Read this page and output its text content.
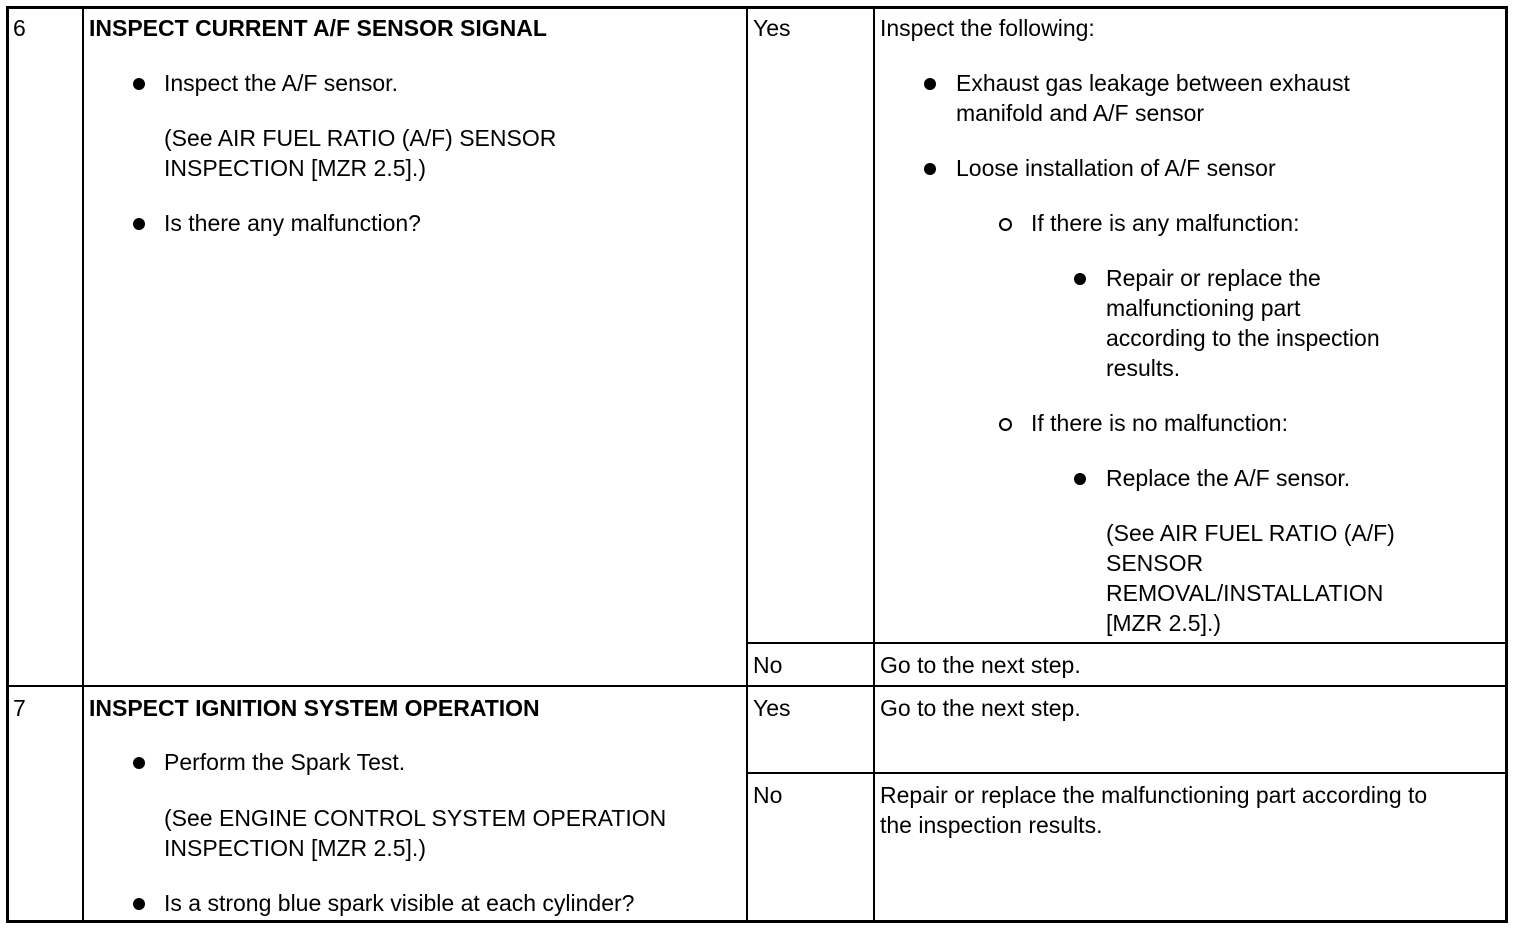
6	INSPECT CURRENT A/F SENSOR SIGNAL
Inspect the A/F sensor.
(See AIR FUEL RATIO (A/F) SENSOR
INSPECTION [MZR 2.5].)
Is there any malfunction?
Yes	Inspect the following:
Exhaust gas leakage between exhaust
manifold and A/F sensor
Loose installation of A/F sensor
If there is any malfunction:
Repair or replace the
malfunctioning part
according to the inspection
results.
If there is no malfunction:
Replace the A/F sensor.
(See AIR FUEL RATIO (A/F)
SENSOR
REMOVAL/INSTALLATION
[MZR 2.5].)
No	Go to the next step.
7	INSPECT IGNITION SYSTEM OPERATION
Perform the Spark Test.
(See ENGINE CONTROL SYSTEM OPERATION
INSPECTION [MZR 2.5].)
Is a strong blue spark visible at each cylinder?
Yes	Go to the next step.
No	Repair or replace the malfunctioning part according to
the inspection results.
